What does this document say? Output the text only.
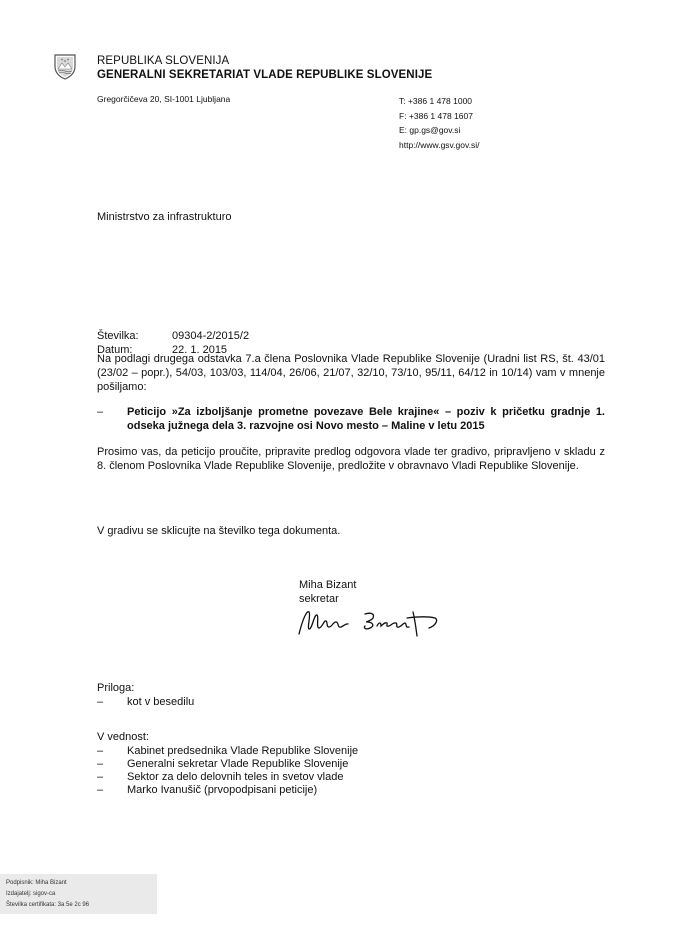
REPUBLIKA SLOVENIJA
GENERALNI SEKRETARIAT VLADE REPUBLIKE SLOVENIJE
Gregorčičeva 20, SI-1001 Ljubljana	T: +386 1 478 1000
F: +386 1 478 1607
E: gp.gs@gov.si
http://www.gsv.gov.si/
Ministrstvo za infrastrukturo
Številka:	09304-2/2015/2
Datum:	22. 1. 2015
Na podlagi drugega odstavka 7.a člena Poslovnika Vlade Republike Slovenije (Uradni list RS, št. 43/01 (23/02 – popr.), 54/03, 103/03, 114/04, 26/06, 21/07, 32/10, 73/10, 95/11, 64/12 in 10/14) vam v mnenje pošiljamo:
–	Peticijo »Za izboljšanje prometne povezave Bele krajine« – poziv k pričetku gradnje 1. odseka južnega dela 3. razvojne osi Novo mesto – Maline v letu 2015
Prosimo vas, da peticijo proučite, pripravite predlog odgovora vlade ter gradivo, pripravljeno v skladu z 8. členom Poslovnika Vlade Republike Slovenije, predložite v obravnavo Vladi Republike Slovenije.
V gradivu se sklicujte na številko tega dokumenta.
Miha Bizant
sekretar
Priloga:
–	kot v besedilu
V vednost:
–	Kabinet predsednika Vlade Republike Slovenije
–	Generalni sekretar Vlade Republike Slovenije
–	Sektor za delo delovnih teles in svetov vlade
–	Marko Ivanušič (prvopodpisani peticije)
Podpisnik: Miha Bizant
Izdajatelj: sigov-ca
Številka certifikata: 3a 5e 2c 96
